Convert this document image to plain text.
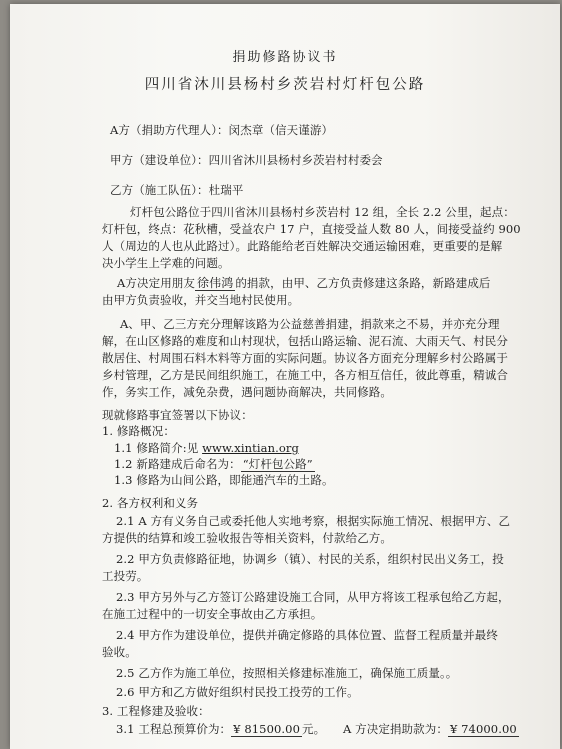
捐助修路协议书
四川省沐川县杨村乡茨岩村灯杆包公路
A方（捐助方代理人）：闵杰章（信天谨游）
甲方（建设单位）：四川省沐川县杨村乡茨岩村村委会
乙方（施工队伍）：杜瑞平
灯杆包公路位于四川省沐川县杨村乡茨岩村 12 组，全长 2.2 公里，起点：
灯杆包，终点：花秋槽，受益农户 17 户，直接受益人数 80 人，间接受益约 900
人（周边的人也从此路过）。此路能给老百姓解决交通运输困难，更重要的是解
决小学生上学难的问题。
A方决定用朋友 徐伟鸿 的捐款，由甲、乙方负责修建这条路，新路建成后
由甲方负责验收，并交当地村民使用。
A、甲、乙三方充分理解该路为公益慈善捐建，捐款来之不易，并亦充分理
解，在山区修路的难度和山村现状，包括山路运输、泥石流、大雨天气、村民分
散居住、村周围石料木料等方面的实际问题。协议各方面充分理解乡村公路属于
乡村管理，乙方是民间组织施工，在施工中，各方相互信任，彼此尊重，精诚合
作，务实工作，减免杂费，遇问题协商解决，共同修路。
现就修路事宜签署以下协议：
1. 修路概况：
1.1 修路简介:见 www.xintian.org
1.2 新路建成后命名为： “灯杆包公路”
1.3 修路为山间公路，即能通汽车的土路。
2. 各方权利和义务
2.1 A 方有义务自己或委托他人实地考察，根据实际施工情况、根据甲方、乙
方提供的结算和竣工验收报告等相关资料，付款给乙方。
2.2 甲方负责修路征地，协调乡（镇）、村民的关系，组织村民出义务工，投
工投劳。
2.3 甲方另外与乙方签订公路建设施工合同，从甲方将该工程承包给乙方起，
在施工过程中的一切安全事故由乙方承担。
2.4 甲方作为建设单位，提供并确定修路的具体位置、监督工程质量并最终
验收。
2.5 乙方作为施工单位，按照相关修建标准施工，确保施工质量。。
2.6 甲方和乙方做好组织村民投工投劳的工作。
3. 工程修建及验收：
3.1 工程总预算价为： ¥ 81500.00 元。 A 方决定捐助款为： ¥ 74000.00
